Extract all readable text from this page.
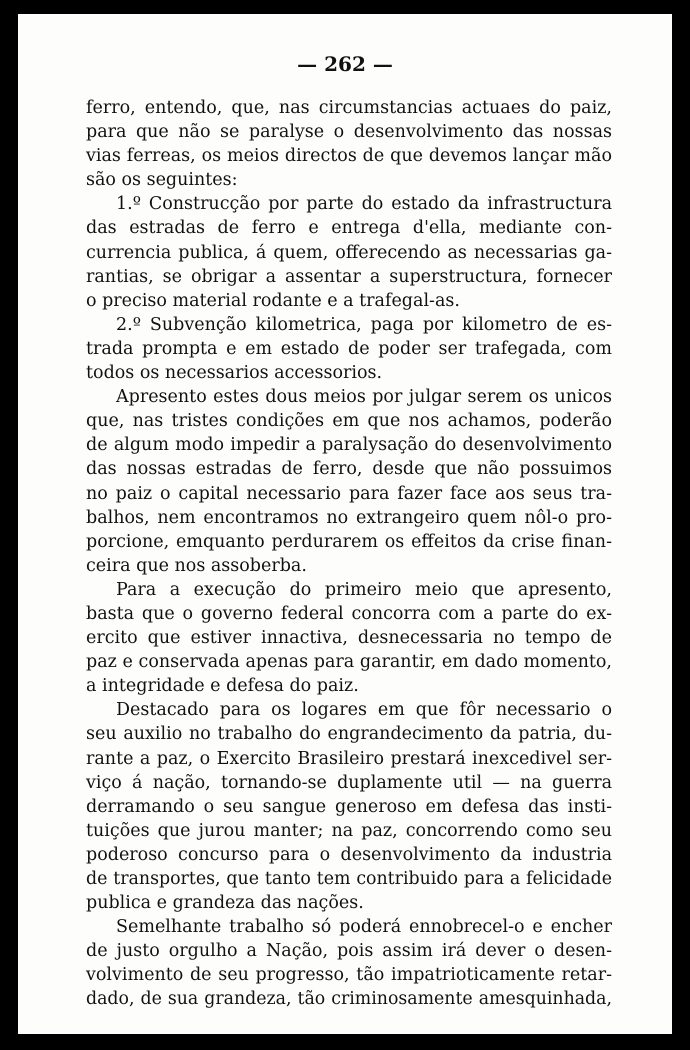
— 262 —
ferro, entendo, que, nas circumstancias actuaes do paiz,
para que não se paralyse o desenvolvimento das nossas
vias ferreas, os meios directos de que devemos lançar mão
são os seguintes:
1.º Construcção por parte do estado da infrastructura
das estradas de ferro e entrega d'ella, mediante con-
currencia publica, á quem, offerecendo as necessarias ga-
rantias, se obrigar a assentar a superstructura, fornecer
o preciso material rodante e a trafegal-as.
2.º Subvenção kilometrica, paga por kilometro de es-
trada prompta e em estado de poder ser trafegada, com
todos os necessarios accessorios.
Apresento estes dous meios por julgar serem os unicos
que, nas tristes condições em que nos achamos, poderão
de algum modo impedir a paralysação do desenvolvimento
das nossas estradas de ferro, desde que não possuimos
no paiz o capital necessario para fazer face aos seus tra-
balhos, nem encontramos no extrangeiro quem nôl-o pro-
porcione, emquanto perdurarem os effeitos da crise finan-
ceira que nos assoberba.
Para a execução do primeiro meio que apresento,
basta que o governo federal concorra com a parte do ex-
ercito que estiver innactiva, desnecessaria no tempo de
paz e conservada apenas para garantir, em dado momento,
a integridade e defesa do paiz.
Destacado para os logares em que fôr necessario o
seu auxilio no trabalho do engrandecimento da patria, du-
rante a paz, o Exercito Brasileiro prestará inexcedivel ser-
viço á nação, tornando-se duplamente util — na guerra
derramando o seu sangue generoso em defesa das insti-
tuições que jurou manter; na paz, concorrendo como seu
poderoso concurso para o desenvolvimento da industria
de transportes, que tanto tem contribuido para a felicidade
publica e grandeza das nações.
Semelhante trabalho só poderá ennobrecel-o e encher
de justo orgulho a Nação, pois assim irá dever o desen-
volvimento de seu progresso, tão impatrioticamente retar-
dado, de sua grandeza, tão criminosamente amesquinhada,
